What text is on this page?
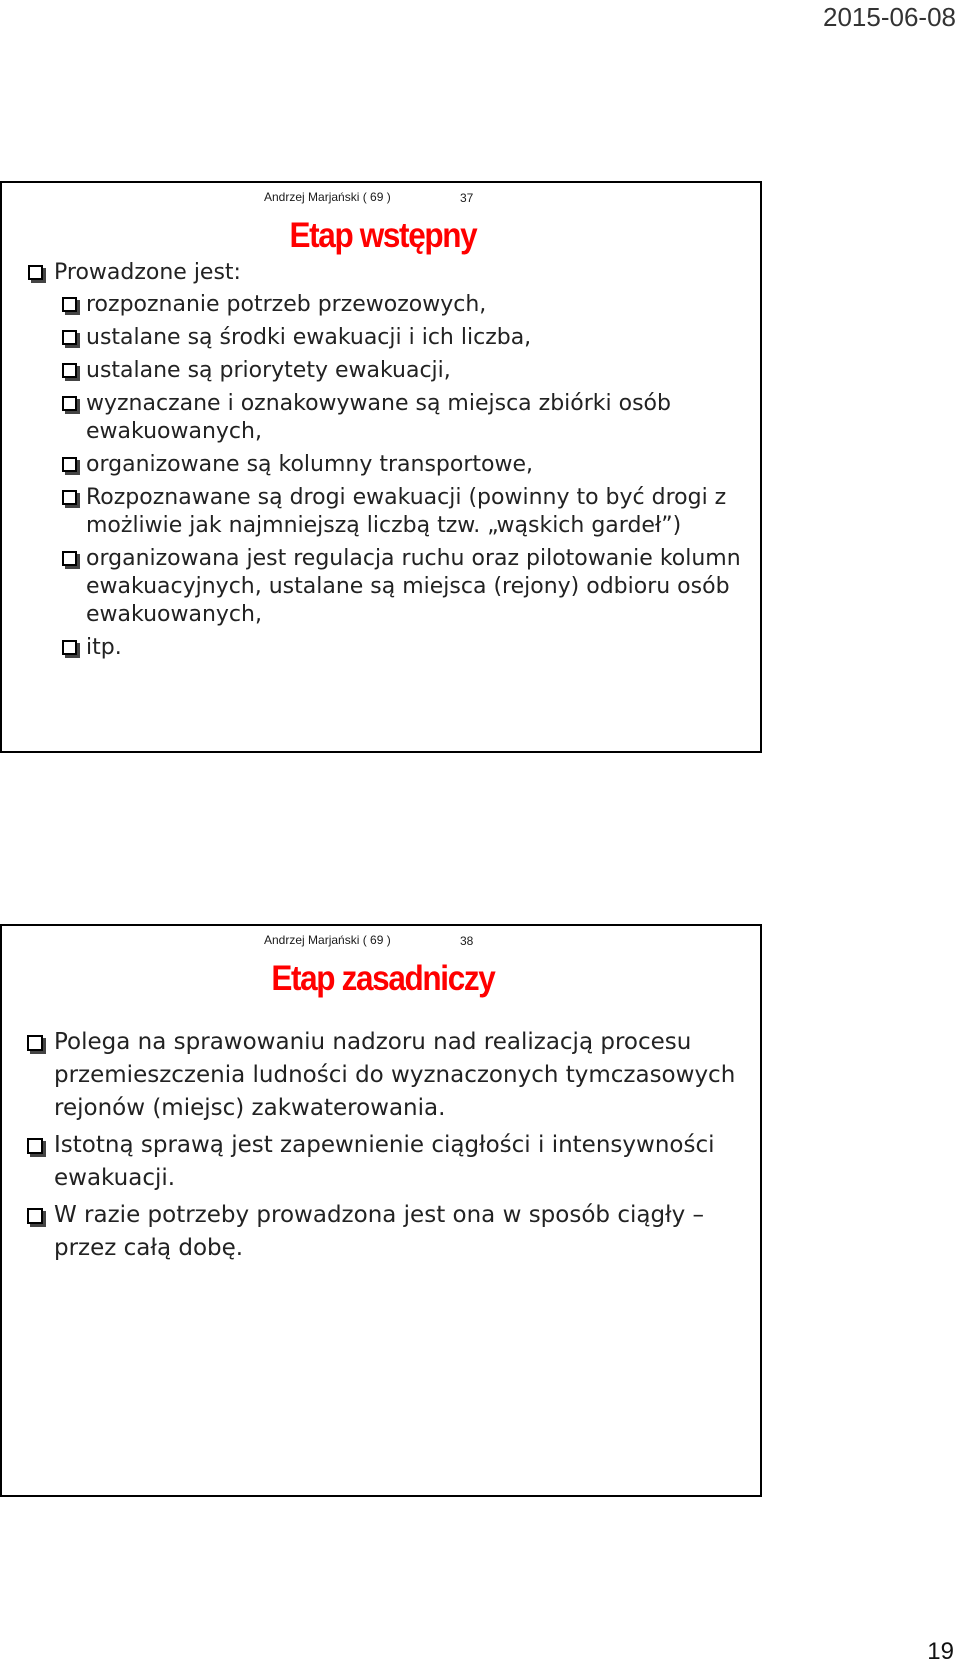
2015-06-08
Andrzej Marjański ( 69 )	37
Etap wstępny
Prowadzone jest:
rozpoznanie potrzeb przewozowych,
ustalane są środki ewakuacji i ich liczba,
ustalane są priorytety ewakuacji,
wyznaczane i oznakowywane są miejsca zbiórki osób ewakuowanych,
organizowane są kolumny transportowe,
Rozpoznawane są drogi ewakuacji (powinny to być drogi z możliwie jak najmniejszą liczbą tzw. „wąskich gardeł”)
organizowana jest regulacja ruchu oraz pilotowanie kolumn ewakuacyjnych, ustalane są miejsca (rejony) odbioru osób ewakuowanych,
itp.
Andrzej Marjański ( 69 )	38
Etap zasadniczy
Polega na sprawowaniu nadzoru nad realizacją procesu przemieszczenia ludności do wyznaczonych tymczasowych rejonów (miejsc) zakwaterowania.
Istotną sprawą jest zapewnienie ciągłości i intensywności ewakuacji.
W razie potrzeby prowadzona jest ona w sposób ciągły – przez całą dobę.
19
